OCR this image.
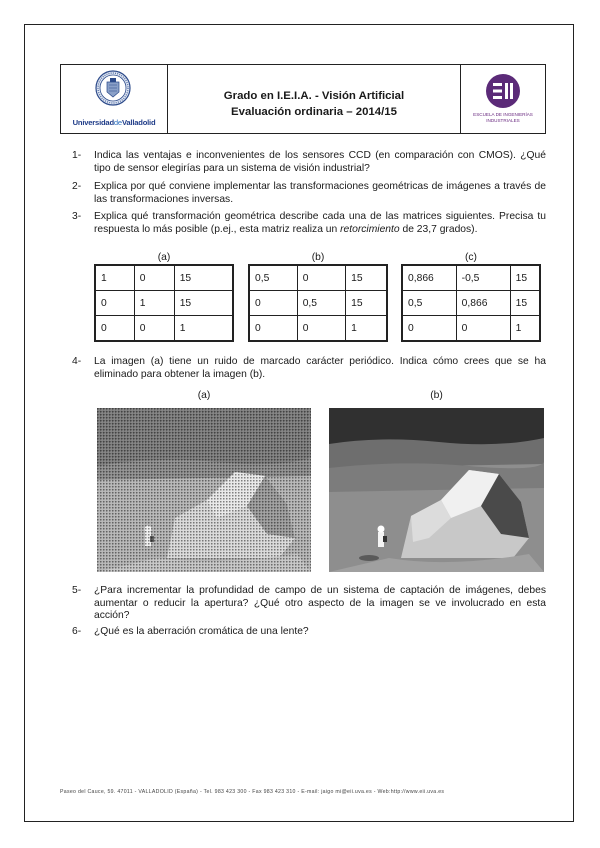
UniversidaddeValladolid
Grado en I.E.I.A. - Visión Artificial
Evaluación ordinaria – 2014/15	ESCUELA DE INGENIERÍAS
INDUSTRIALES
1- Indica las ventajas e inconvenientes de los sensores CCD (en comparación con CMOS). ¿Qué tipo de sensor elegirías para un sistema de visión industrial?
2- Explica por qué conviene implementar las transformaciones geométricas de imágenes a través de las transformaciones inversas.
3- Explica qué transformación geométrica describe cada una de las matrices siguientes. Precisa tu respuesta lo más posible (p.ej., esta matriz realiza un retorcimiento de 23,7 grados).
(a)	(b)	(c)
1	0	15
0	1	15
0	0	1
0,5	0	15
0	0,5	15
0	0	1
0,866	-0,5	15
0,5	0,866	15
0	0	1
4- La imagen (a) tiene un ruido de marcado carácter periódico. Indica cómo crees que se ha eliminado para obtener la imagen (b).
(a)	(b)
5- ¿Para incrementar la profundidad de campo de un sistema de captación de imágenes, debes aumentar o reducir la apertura? ¿Qué otro aspecto de la imagen se ve involucrado en esta acción?
6- ¿Qué es la aberración cromática de una lente?
Paseo del Cauce, 59. 47011 - VALLADOLID (España) - Tel. 983 423 300 - Fax 983 423 310 - E-mail: jaigo mi@eii.uva.es - Web:http://www.eii.uva.es
